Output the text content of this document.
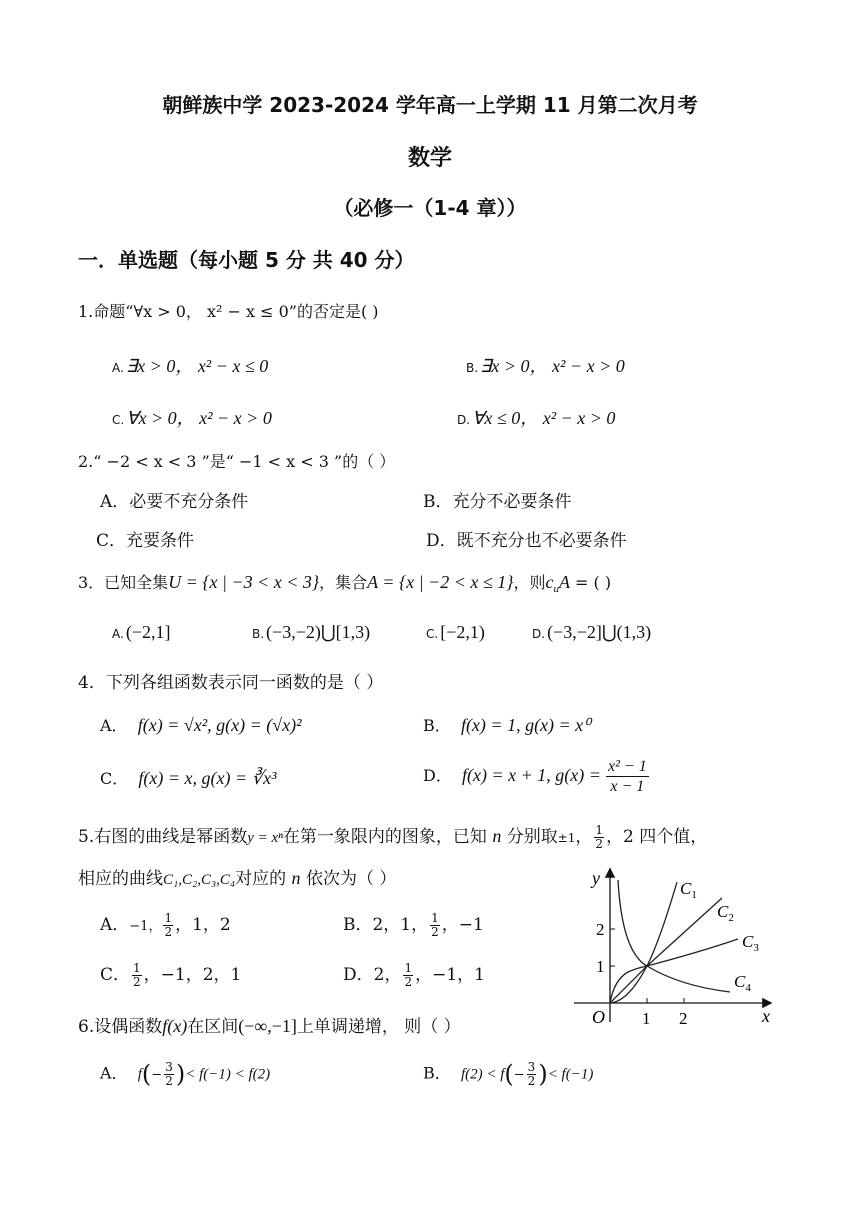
朝鲜族中学 2023-2024 学年高一上学期 11 月第二次月考
数学
（必修一（1-4 章））
一．单选题（每小题 5 分 共 40 分）
1.命题“∀x > 0， x² − x ≤ 0”的否定是( )
A. ∃x > 0， x² − x ≤ 0	B. ∃x > 0， x² − x > 0
C. ∀x > 0， x² − x > 0	D. ∀x ≤ 0， x² − x > 0
2.“ −2 < x < 3 ”是“ −1 < x < 3 ”的（ ）
A．必要不充分条件	B．充分不必要条件
C．充要条件	D．既不充分也不必要条件
3．已知全集U = {x | −3 < x < 3}，集合A = {x | −2 < x ≤ 1}，则$c_uA$ = ( )
A. (−2,1]	B. (−3,−2)⋃[1,3)	C. [−2,1)	D. (−3,−2]⋃(1,3)
4．下列各组函数表示同一函数的是（ ）
A．  f(x) = √x², g(x) = (√x)²	B．  f(x) = 1, g(x) = x⁰
C．  f(x) = x, g(x) = ∛x³	D．  f(x) = x + 1, $g(x) = \frac{\text{x² − 1}}{x - 1}$
5.右图的曲线是幂函数y = xⁿ在第一象限内的图象，已知 n 分别取±1， $\frac{1}{2}$ ，2 四个值，
相应的曲线C₁,C₂,C₃,C₄对应的 n 依次为（ ）
A．−1， $\frac{1}{2}$ ，1，2	B．2，1， $\frac{1}{2}$ ，−1
C． $\frac{1}{2}$ ，−1，2，1	D．2， $\frac{1}{2}$ ，−1，1
y
x
O 1 2
1
2
$C_1$
$C_2$
$C_3$
$C_4$
6.设偶函数f(x)在区间(−∞,−1]上单调递增， 则（ ）
A． $f(- \frac{3}{2}$ )< f(−1) < f(2)	B． $f(2) < f(- \frac{3}{2}$ )< f(−1)
